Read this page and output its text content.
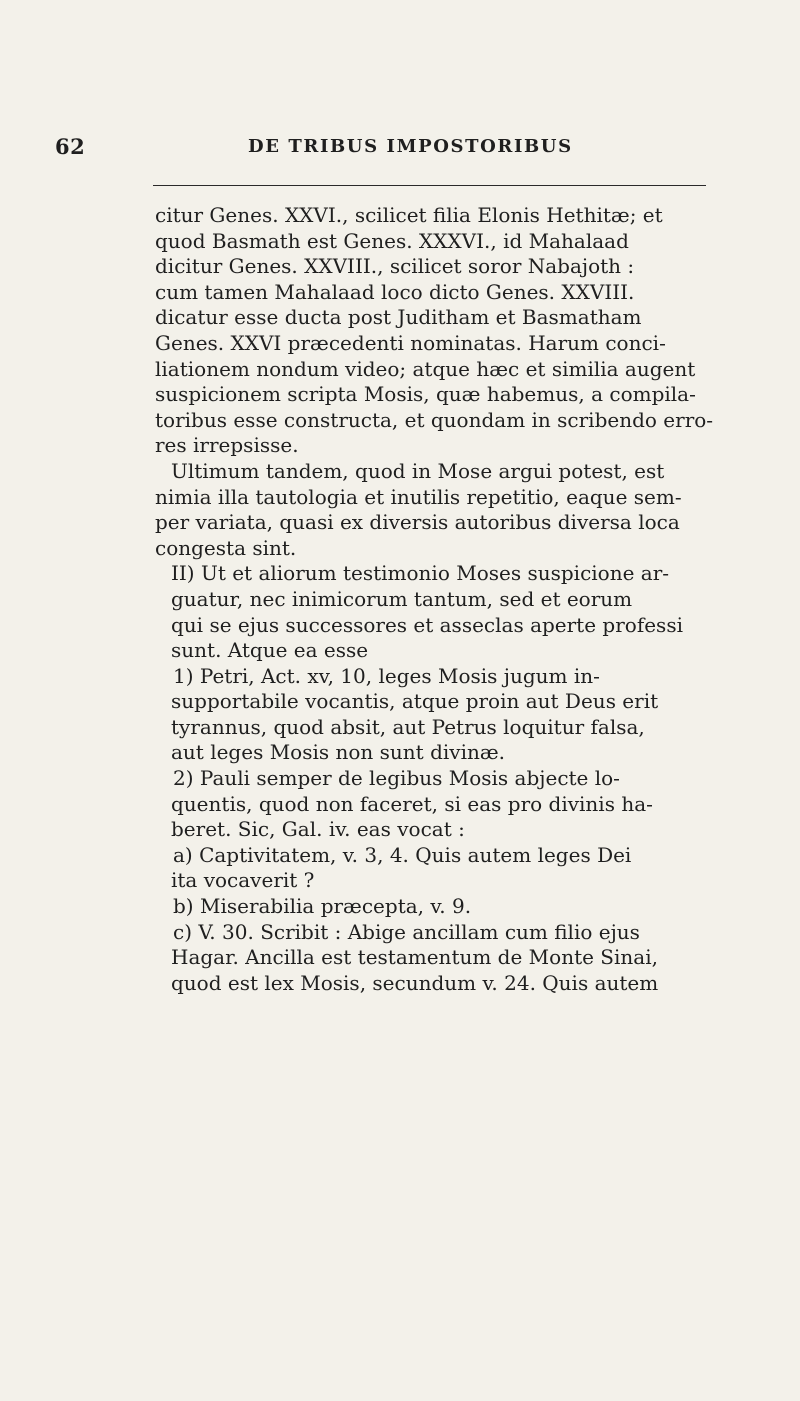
62	DE TRIBUS IMPOSTORIBUS
citur Genes. XXVI., scilicet filia Elonis Hethitæ; et
quod Basmath est Genes. XXXVI., id Mahalaad
dicitur Genes. XXVIII., scilicet soror Nabajoth :
cum tamen Mahalaad loco dicto Genes. XXVIII.
dicatur esse ducta post Juditham et Basmatham
Genes. XXVI præcedenti nominatas. Harum conci-
liationem nondum video; atque hæc et similia augent
suspicionem scripta Mosis, quæ habemus, a compila-
toribus esse constructa, et quondam in scribendo erro-
res irrepsisse.
Ultimum tandem, quod in Mose argui potest, est
nimia illa tautologia et inutilis repetitio, eaque sem-
per variata, quasi ex diversis autoribus diversa loca
congesta sint.
II) Ut et aliorum testimonio Moses suspicione ar-
guatur, nec inimicorum tantum, sed et eorum
qui se ejus successores et asseclas aperte professi
sunt. Atque ea esse
1) Petri, Act. xv, 10, leges Mosis jugum in-
supportabile vocantis, atque proin aut Deus erit
tyrannus, quod absit, aut Petrus loquitur falsa,
aut leges Mosis non sunt divinæ.
2) Pauli semper de legibus Mosis abjecte lo-
quentis, quod non faceret, si eas pro divinis ha-
beret. Sic, Gal. iv. eas vocat :
a) Captivitatem, v. 3, 4. Quis autem leges Dei
ita vocaverit ?
b) Miserabilia præcepta, v. 9.
c) V. 30. Scribit : Abige ancillam cum filio ejus
Hagar. Ancilla est testamentum de Monte Sinai,
quod est lex Mosis, secundum v. 24. Quis autem
